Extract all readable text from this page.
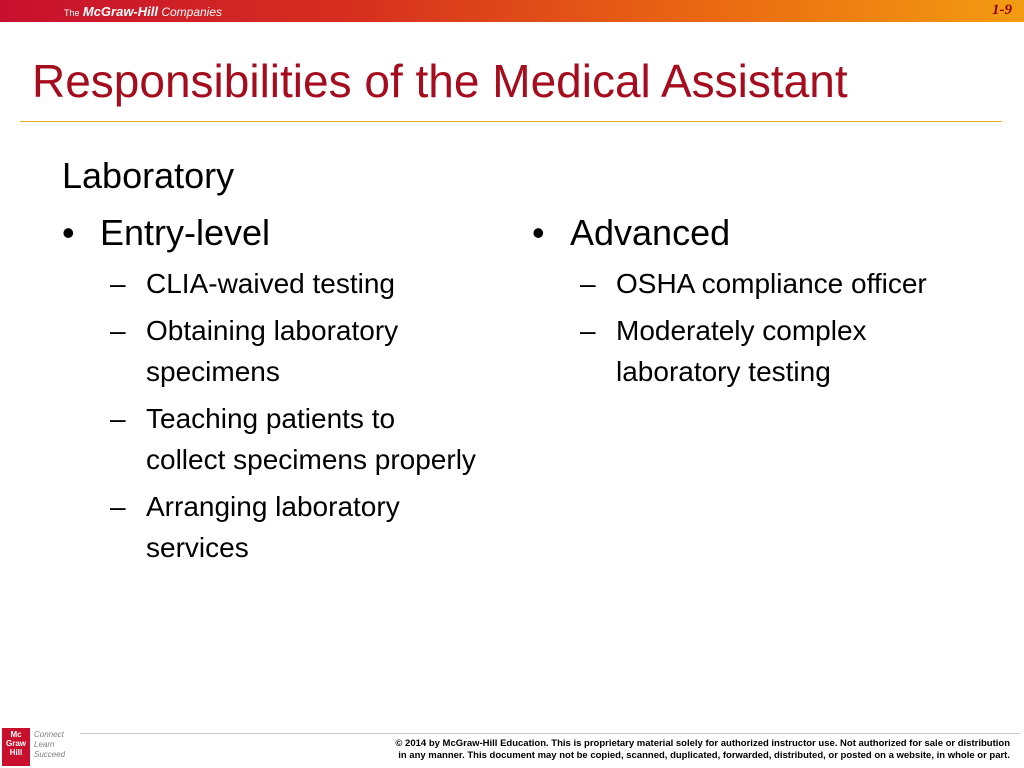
The McGraw-Hill Companies	1-9
Responsibilities of the Medical Assistant
Laboratory
• Entry-level
– CLIA-waived testing
– Obtaining laboratory specimens
– Teaching patients to collect specimens properly
– Arranging laboratory services
• Advanced
– OSHA compliance officer
– Moderately complex laboratory testing
Mc
Graw
Hill
Connect
Learn
Succeed
© 2014 by McGraw-Hill Education. This is proprietary material solely for authorized instructor use. Not authorized for sale or distribution
in any manner. This document may not be copied, scanned, duplicated, forwarded, distributed, or posted on a website, in whole or part.
